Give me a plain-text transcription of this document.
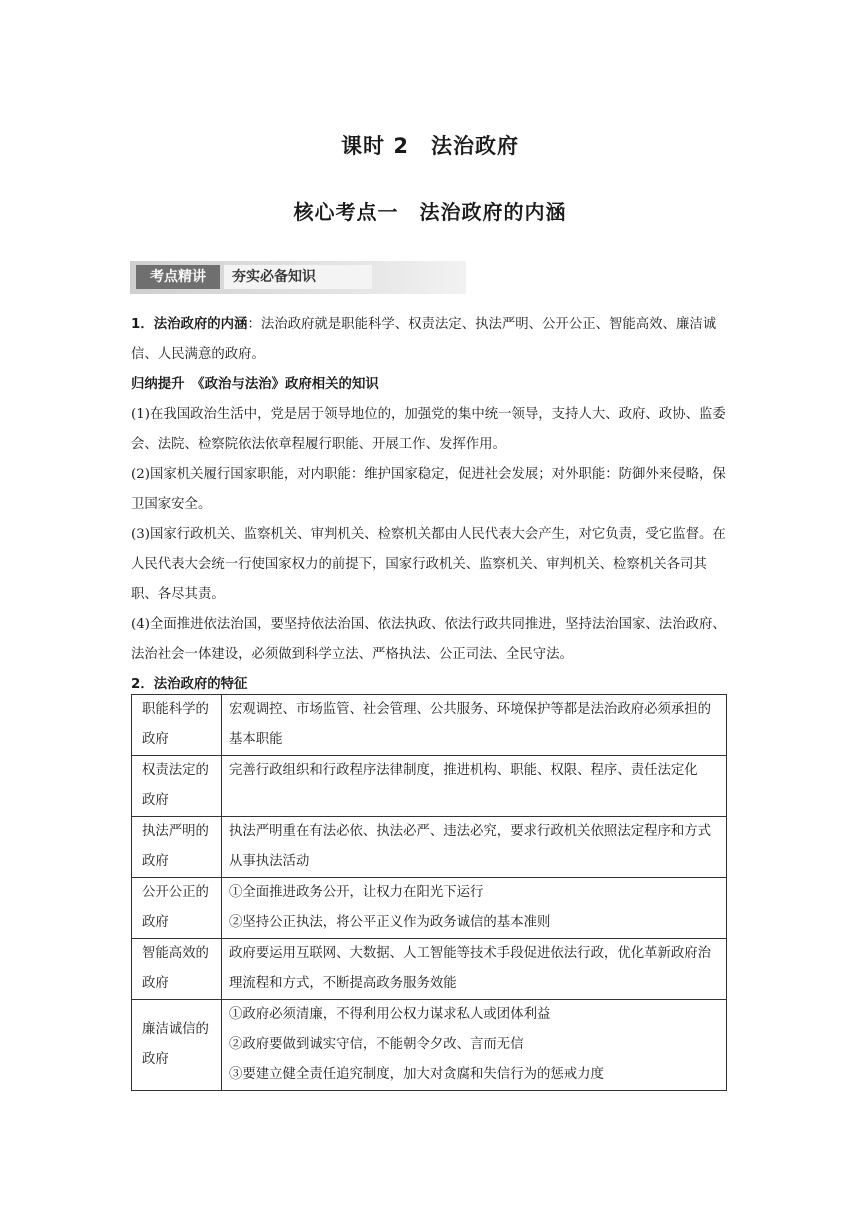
课时 2　法治政府
核心考点一　法治政府的内涵
考点精讲	夯实必备知识
1．法治政府的内涵：法治政府就是职能科学、权责法定、执法严明、公开公正、智能高效、廉洁诚信、人民满意的政府。
归纳提升　《政治与法治》政府相关的知识
(1)在我国政治生活中，党是居于领导地位的，加强党的集中统一领导，支持人大、政府、政协、监委会、法院、检察院依法依章程履行职能、开展工作、发挥作用。
(2)国家机关履行国家职能，对内职能：维护国家稳定，促进社会发展；对外职能：防御外来侵略，保卫国家安全。
(3)国家行政机关、监察机关、审判机关、检察机关都由人民代表大会产生，对它负责，受它监督。在人民代表大会统一行使国家权力的前提下，国家行政机关、监察机关、审判机关、检察机关各司其职、各尽其责。
(4)全面推进依法治国，要坚持依法治国、依法执政、依法行政共同推进，坚持法治国家、法治政府、法治社会一体建设，必须做到科学立法、严格执法、公正司法、全民守法。
2．法治政府的特征
职能科学的政府	宏观调控、市场监管、社会管理、公共服务、环境保护等都是法治政府必须承担的基本职能

权责法定的政府	完善行政组织和行政程序法律制度，推进机构、职能、权限、程序、责任法定化

执法严明的政府	执法严明重在有法必依、执法必严、违法必究，要求行政机关依照法定程序和方式从事执法活动

公开公正的政府	①全面推进政务公开，让权力在阳光下运行
②坚持公正执法，将公平正义作为政务诚信的基本准则

智能高效的政府	政府要运用互联网、大数据、人工智能等技术手段促进依法行政，优化革新政府治理流程和方式，不断提高政务服务效能

廉洁诚信的政府	①政府必须清廉，不得利用公权力谋求私人或团体利益
②政府要做到诚实守信，不能朝令夕改、言而无信
③要建立健全责任追究制度，加大对贪腐和失信行为的惩戒力度
